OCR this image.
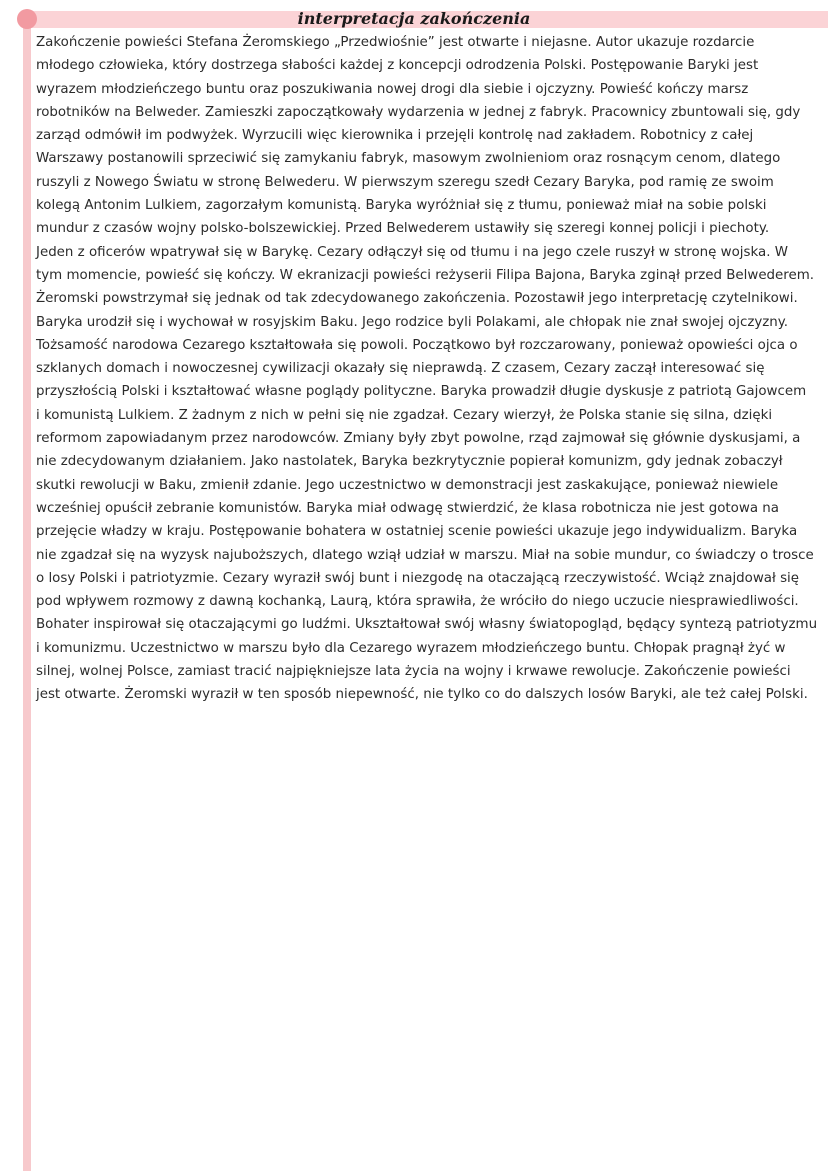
interpretacja zakończenia

Zakończenie powieści Stefana Żeromskiego „Przedwiośnie” jest otwarte i niejasne. Autor ukazuje rozdarcie
młodego człowieka, który dostrzega słabości każdej z koncepcji odrodzenia Polski. Postępowanie Baryki jest
wyrazem młodzieńczego buntu oraz poszukiwania nowej drogi dla siebie i ojczyzny. Powieść kończy marsz
robotników na Belweder. Zamieszki zapoczątkowały wydarzenia w jednej z fabryk. Pracownicy zbuntowali się, gdy
zarząd odmówił im podwyżek. Wyrzucili więc kierownika i przejęli kontrolę nad zakładem. Robotnicy z całej
Warszawy postanowili sprzeciwić się zamykaniu fabryk, masowym zwolnieniom oraz rosnącym cenom, dlatego
ruszyli z Nowego Światu w stronę Belwederu. W pierwszym szeregu szedł Cezary Baryka, pod ramię ze swoim
kolegą Antonim Lulkiem, zagorzałym komunistą. Baryka wyróżniał się z tłumu, ponieważ miał na sobie polski
mundur z czasów wojny polsko-bolszewickiej. Przed Belwederem ustawiły się szeregi konnej policji i piechoty.
Jeden z oficerów wpatrywał się w Barykę. Cezary odłączył się od tłumu i na jego czele ruszył w stronę wojska. W
tym momencie, powieść się kończy. W ekranizacji powieści reżyserii Filipa Bajona, Baryka zginął przed Belwederem.
Żeromski powstrzymał się jednak od tak zdecydowanego zakończenia. Pozostawił jego interpretację czytelnikowi.
Baryka urodził się i wychował w rosyjskim Baku. Jego rodzice byli Polakami, ale chłopak nie znał swojej ojczyzny.
Tożsamość narodowa Cezarego kształtowała się powoli. Początkowo był rozczarowany, ponieważ opowieści ojca o
szklanych domach i nowoczesnej cywilizacji okazały się nieprawdą. Z czasem, Cezary zaczął interesować się
przyszłością Polski i kształtować własne poglądy polityczne. Baryka prowadził długie dyskusje z patriotą Gajowcem
i komunistą Lulkiem. Z żadnym z nich w pełni się nie zgadzał. Cezary wierzył, że Polska stanie się silna, dzięki
reformom zapowiadanym przez narodowców. Zmiany były zbyt powolne, rząd zajmował się głównie dyskusjami, a
nie zdecydowanym działaniem. Jako nastolatek, Baryka bezkrytycznie popierał komunizm, gdy jednak zobaczył
skutki rewolucji w Baku, zmienił zdanie. Jego uczestnictwo w demonstracji jest zaskakujące, ponieważ niewiele
wcześniej opuścił zebranie komunistów. Baryka miał odwagę stwierdzić, że klasa robotnicza nie jest gotowa na
przejęcie władzy w kraju. Postępowanie bohatera w ostatniej scenie powieści ukazuje jego indywidualizm. Baryka
nie zgadzał się na wyzysk najuboższych, dlatego wziął udział w marszu. Miał na sobie mundur, co świadczy o trosce
o losy Polski i patriotyzmie. Cezary wyraził swój bunt i niezgodę na otaczającą rzeczywistość. Wciąż znajdował się
pod wpływem rozmowy z dawną kochanką, Laurą, która sprawiła, że wróciło do niego uczucie niesprawiedliwości.
Bohater inspirował się otaczającymi go ludźmi. Ukształtował swój własny światopogląd, będący syntezą patriotyzmu
i komunizmu. Uczestnictwo w marszu było dla Cezarego wyrazem młodzieńczego buntu. Chłopak pragnął żyć w
silnej, wolnej Polsce, zamiast tracić najpiękniejsze lata życia na wojny i krwawe rewolucje. Zakończenie powieści
jest otwarte. Żeromski wyraził w ten sposób niepewność, nie tylko co do dalszych losów Baryki, ale też całej Polski.
